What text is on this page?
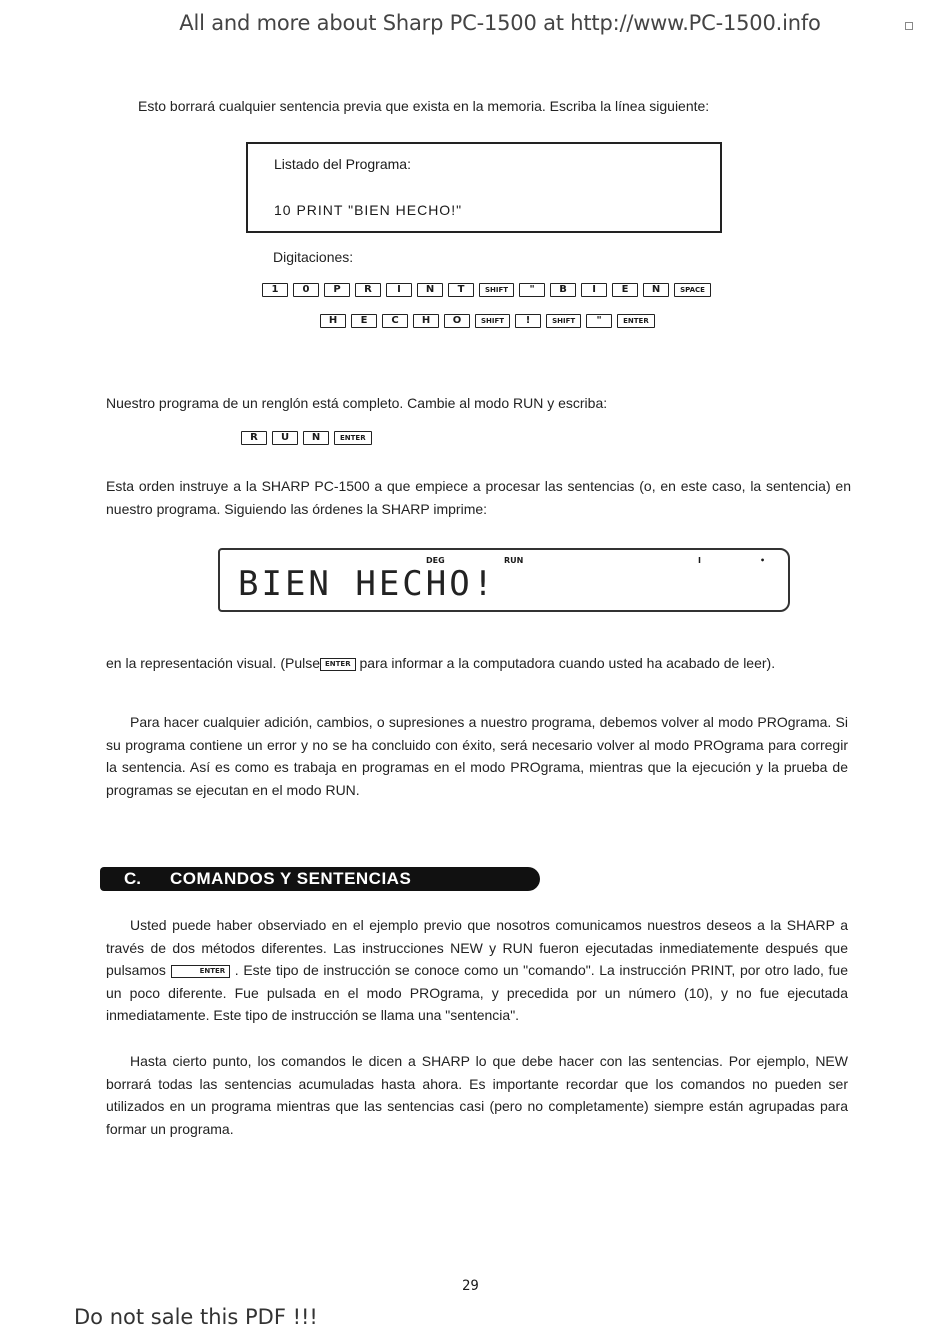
All and more about Sharp PC-1500 at http://www.PC-1500.info
Esto borrará cualquier sentencia previa que exista en la memoria. Escriba la línea siguiente:
Listado del Programa:
10 PRINT "BIEN HECHO!"
Digitaciones:
1	0	P	R	I	N	T	SHIFT	"	B	I	E	N	SPACE
H	E	C	H	O	SHIFT	!	SHIFT	"	ENTER
Nuestro programa de un renglón está completo. Cambie al modo RUN y escriba:
R	U	N	ENTER
Esta orden instruye a la SHARP PC-1500 a que empiece a procesar las sentencias (o, en este caso, la sentencia) en nuestro programa. Siguiendo las órdenes la SHARP imprime:
DEG	RUN	I	•
BIEN HECHO!
en la representación visual. (Pulse ENTER para informar a la computadora cuando usted ha acabado de leer).
Para hacer cualquier adición, cambios, o supresiones a nuestro programa, debemos volver al modo PROgrama. Si su programa contiene un error y no se ha concluido con éxito, será necesario volver al modo PROgrama para corregir la sentencia. Así es como es trabaja en programas en el modo PROgrama, mientras que la ejecución y la prueba de programas se ejecutan en el modo RUN.
C. COMANDOS Y SENTENCIAS
Usted puede haber observiado en el ejemplo previo que nosotros comunicamos nuestros deseos a la SHARP a través de dos métodos diferentes. Las instrucciones NEW y RUN fueron ejecutadas inmediatemente después que pulsamos	ENTER . Este tipo de instrucción se conoce como un "comando". La instrucción PRINT, por otro lado, fue un poco diferente. Fue pulsada en el modo PROgrama, y precedida por un número (10), y no fue ejecutada inmediatamente. Este tipo de instrucción se llama una "sentencia".
Hasta cierto punto, los comandos le dicen a SHARP lo que debe hacer con las sentencias. Por ejemplo, NEW borrará todas las sentencias acumuladas hasta ahora. Es importante recordar que los comandos no pueden ser utilizados en un programa mientras que las sentencias casi (pero no completamente) siempre están agrupadas para formar un programa.
29
Do not sale this PDF !!!
